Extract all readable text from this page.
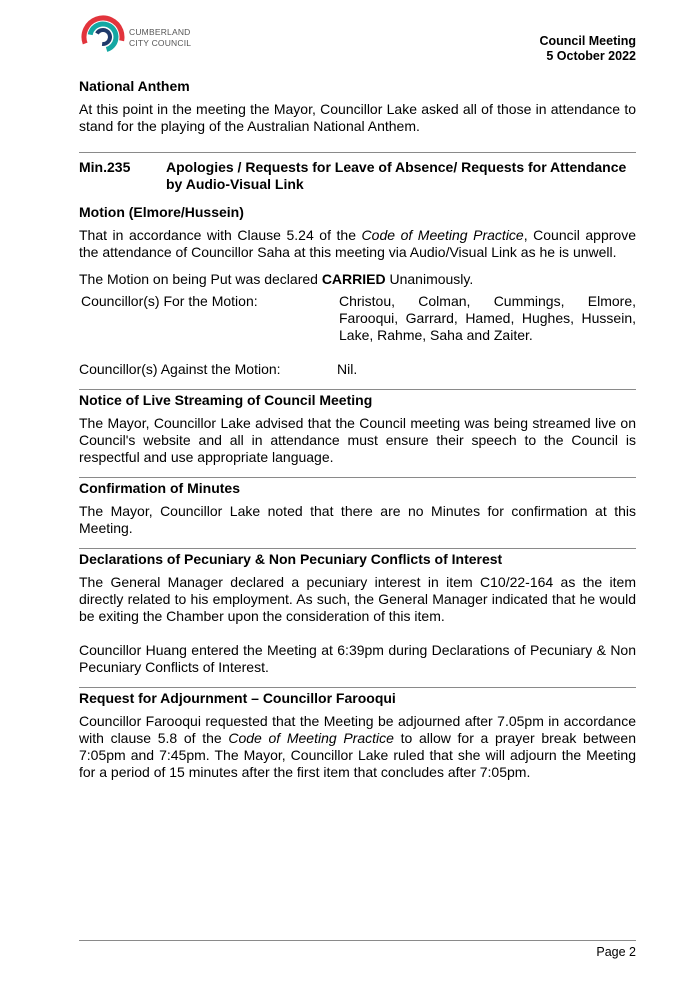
CUMBERLAND
CITY COUNCIL	Council Meeting
5 October 2022

National Anthem

At this point in the meeting the Mayor, Councillor Lake asked all of those in attendance to stand for the playing of the Australian National Anthem.

Min.235	Apologies / Requests for Leave of Absence/ Requests for Attendance by Audio-Visual Link

Motion (Elmore/Hussein)

That in accordance with Clause 5.24 of the Code of Meeting Practice, Council approve the attendance of Councillor Saha at this meeting via Audio/Visual Link as he is unwell.

The Motion on being Put was declared CARRIED Unanimously.

Councillor(s) For the Motion:	Christou, Colman, Cummings, Elmore, Farooqui, Garrard, Hamed, Hughes, Hussein, Lake, Rahme, Saha and Zaiter.
Councillor(s) Against the Motion:	Nil.

Notice of Live Streaming of Council Meeting

The Mayor, Councillor Lake advised that the Council meeting was being streamed live on Council's website and all in attendance must ensure their speech to the Council is respectful and use appropriate language.

Confirmation of Minutes

The Mayor, Councillor Lake noted that there are no Minutes for confirmation at this Meeting.

Declarations of Pecuniary & Non Pecuniary Conflicts of Interest

The General Manager declared a pecuniary interest in item C10/22-164 as the item directly related to his employment. As such, the General Manager indicated that he would be exiting the Chamber upon the consideration of this item.

Councillor Huang entered the Meeting at 6:39pm during Declarations of Pecuniary & Non Pecuniary Conflicts of Interest.

Request for Adjournment – Councillor Farooqui

Councillor Farooqui requested that the Meeting be adjourned after 7.05pm in accordance with clause 5.8 of the Code of Meeting Practice to allow for a prayer break between 7:05pm and 7:45pm. The Mayor, Councillor Lake ruled that she will adjourn the Meeting for a period of 15 minutes after the first item that concludes after 7:05pm.

Page 2
